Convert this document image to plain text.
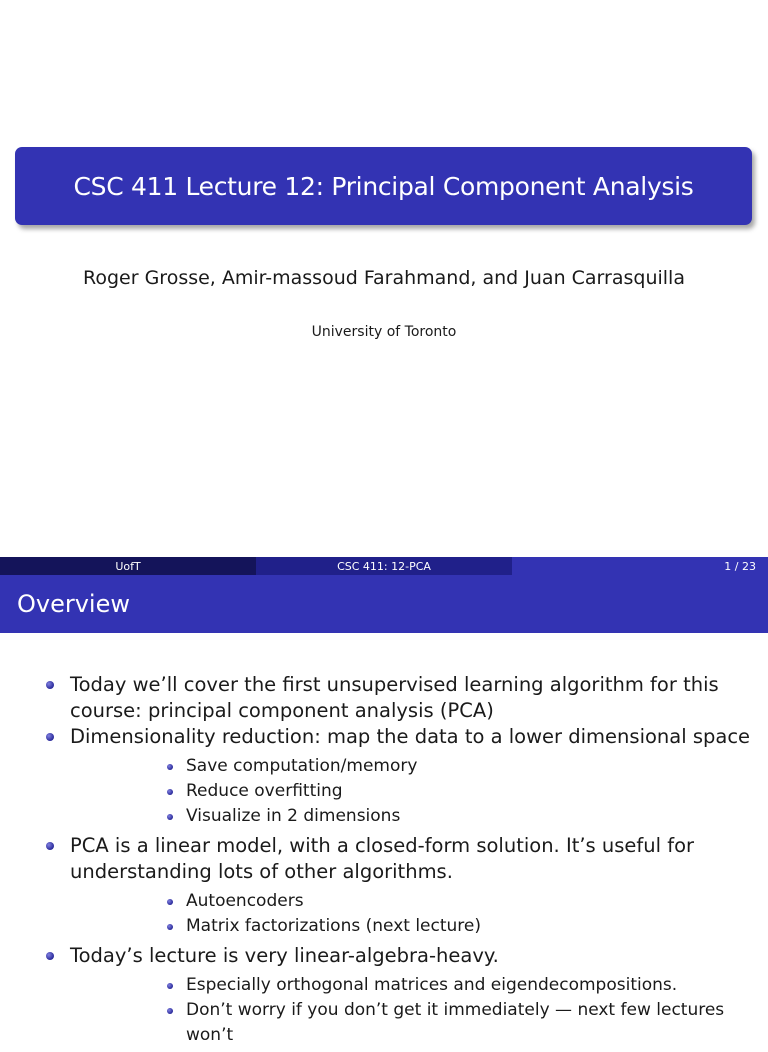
CSC 411 Lecture 12: Principal Component Analysis
Roger Grosse, Amir-massoud Farahmand, and Juan Carrasquilla
University of Toronto
UofT	CSC 411: 12-PCA	1 / 23
Overview
Today we’ll cover the first unsupervised learning algorithm for this course: principal component analysis (PCA)
Dimensionality reduction: map the data to a lower dimensional space
Save computation/memory
Reduce overfitting
Visualize in 2 dimensions
PCA is a linear model, with a closed-form solution. It’s useful for understanding lots of other algorithms.
Autoencoders
Matrix factorizations (next lecture)
Today’s lecture is very linear-algebra-heavy.
Especially orthogonal matrices and eigendecompositions.
Don’t worry if you don’t get it immediately — next few lectures won’t
